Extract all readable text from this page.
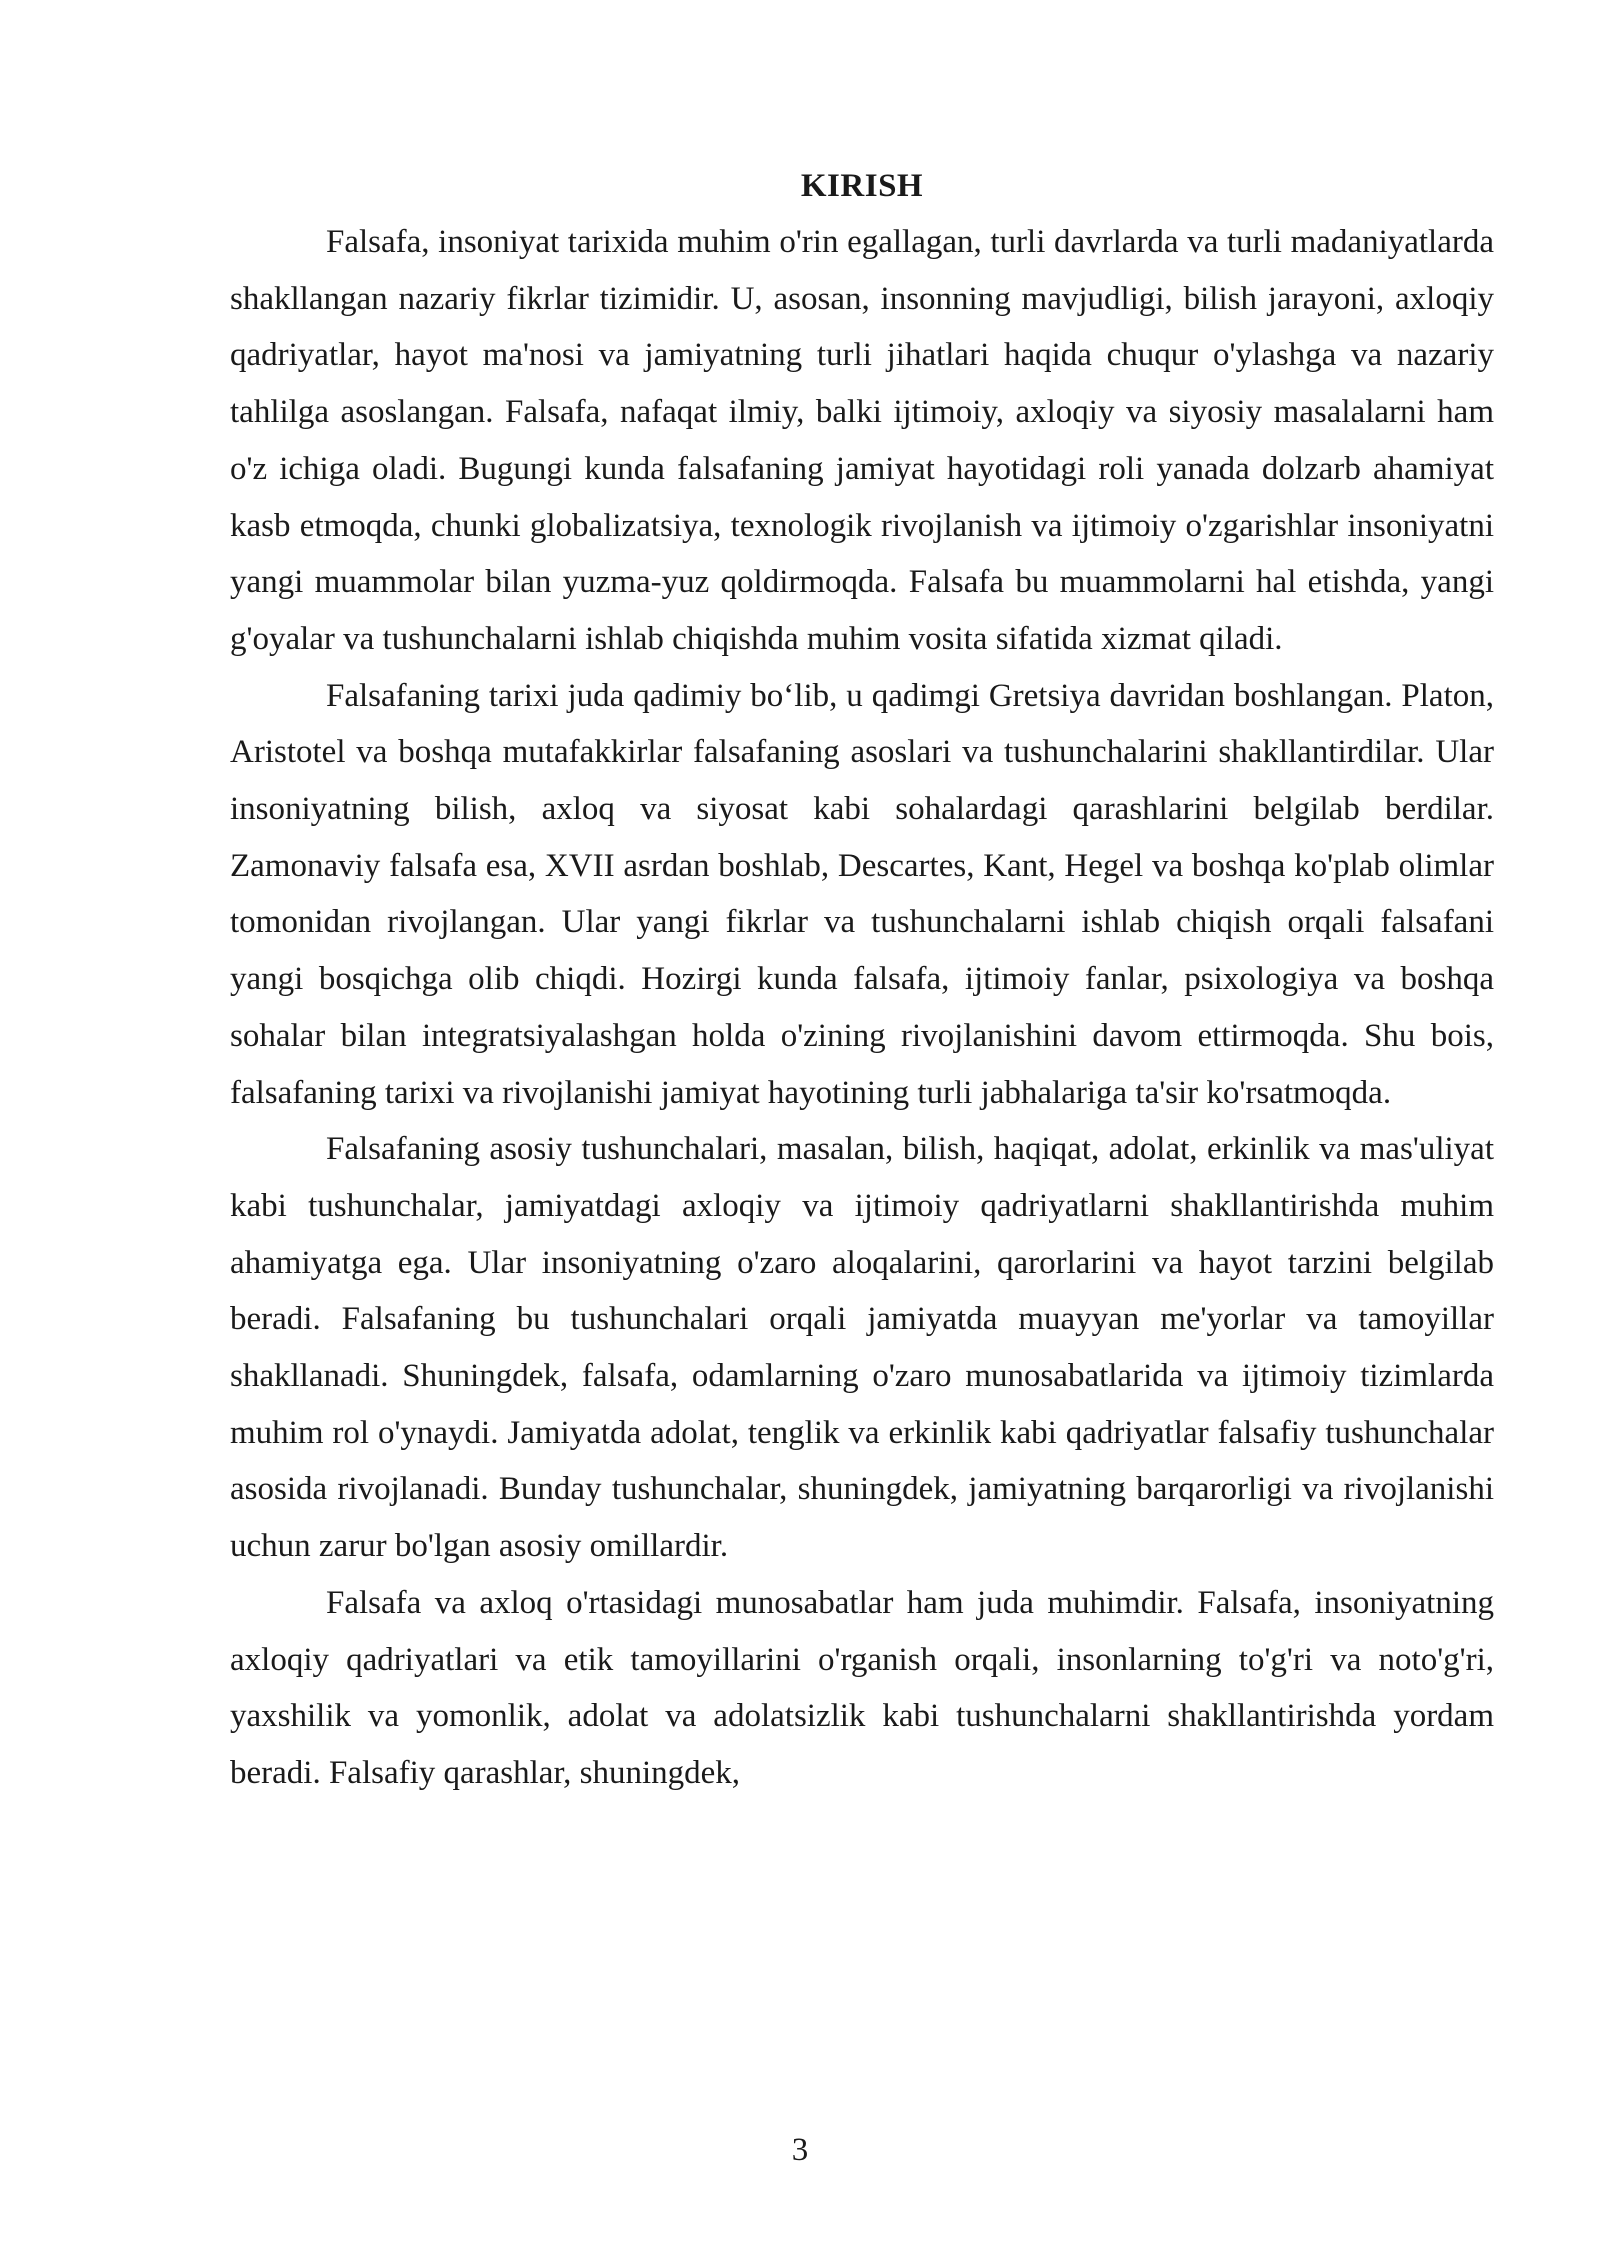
KIRISH

Falsafa, insoniyat tarixida muhim o'rin egallagan, turli davrlarda va turli madaniyatlarda shakllangan nazariy fikrlar tizimidir. U, asosan, insonning mavjudligi, bilish jarayoni, axloqiy qadriyatlar, hayot ma'nosi va jamiyatning turli jihatlari haqida chuqur o'ylashga va nazariy tahlilga asoslangan. Falsafa, nafaqat ilmiy, balki ijtimoiy, axloqiy va siyosiy masalalarni ham o'z ichiga oladi. Bugungi kunda falsafaning jamiyat hayotidagi roli yanada dolzarb ahamiyat kasb etmoqda, chunki globalizatsiya, texnologik rivojlanish va ijtimoiy o'zgarishlar insoniyatni yangi muammolar bilan yuzma-yuz qoldirmoqda. Falsafa bu muammolarni hal etishda, yangi g'oyalar va tushunchalarni ishlab chiqishda muhim vosita sifatida xizmat qiladi.

Falsafaning tarixi juda qadimiy bo‘lib, u qadimgi Gretsiya davridan boshlangan. Platon, Aristotel va boshqa mutafakkirlar falsafaning asoslari va tushunchalarini shakllantirdilar. Ular insoniyatning bilish, axloq va siyosat kabi sohalardagi qarashlarini belgilab berdilar. Zamonaviy falsafa esa, XVII asrdan boshlab, Descartes, Kant, Hegel va boshqa ko'plab olimlar tomonidan rivojlangan. Ular yangi fikrlar va tushunchalarni ishlab chiqish orqali falsafani yangi bosqichga olib chiqdi. Hozirgi kunda falsafa, ijtimoiy fanlar, psixologiya va boshqa sohalar bilan integratsiyalashgan holda o'zining rivojlanishini davom ettirmoqda. Shu bois, falsafaning tarixi va rivojlanishi jamiyat hayotining turli jabhalariga ta'sir ko'rsatmoqda.

Falsafaning asosiy tushunchalari, masalan, bilish, haqiqat, adolat, erkinlik va mas'uliyat kabi tushunchalar, jamiyatdagi axloqiy va ijtimoiy qadriyatlarni shakllantirishda muhim ahamiyatga ega. Ular insoniyatning o'zaro aloqalarini, qarorlarini va hayot tarzini belgilab beradi. Falsafaning bu tushunchalari orqali jamiyatda muayyan me'yorlar va tamoyillar shakllanadi. Shuningdek, falsafa, odamlarning o'zaro munosabatlarida va ijtimoiy tizimlarda muhim rol o'ynaydi. Jamiyatda adolat, tenglik va erkinlik kabi qadriyatlar falsafiy tushunchalar asosida rivojlanadi. Bunday tushunchalar, shuningdek, jamiyatning barqarorligi va rivojlanishi uchun zarur bo'lgan asosiy omillardir.

Falsafa va axloq o'rtasidagi munosabatlar ham juda muhimdir. Falsafa, insoniyatning axloqiy qadriyatlari va etik tamoyillarini o'rganish orqali, insonlarning to'g'ri va noto'g'ri, yaxshilik va yomonlik, adolat va adolatsizlik kabi tushunchalarni shakllantirishda yordam beradi. Falsafiy qarashlar, shuningdek,

3
